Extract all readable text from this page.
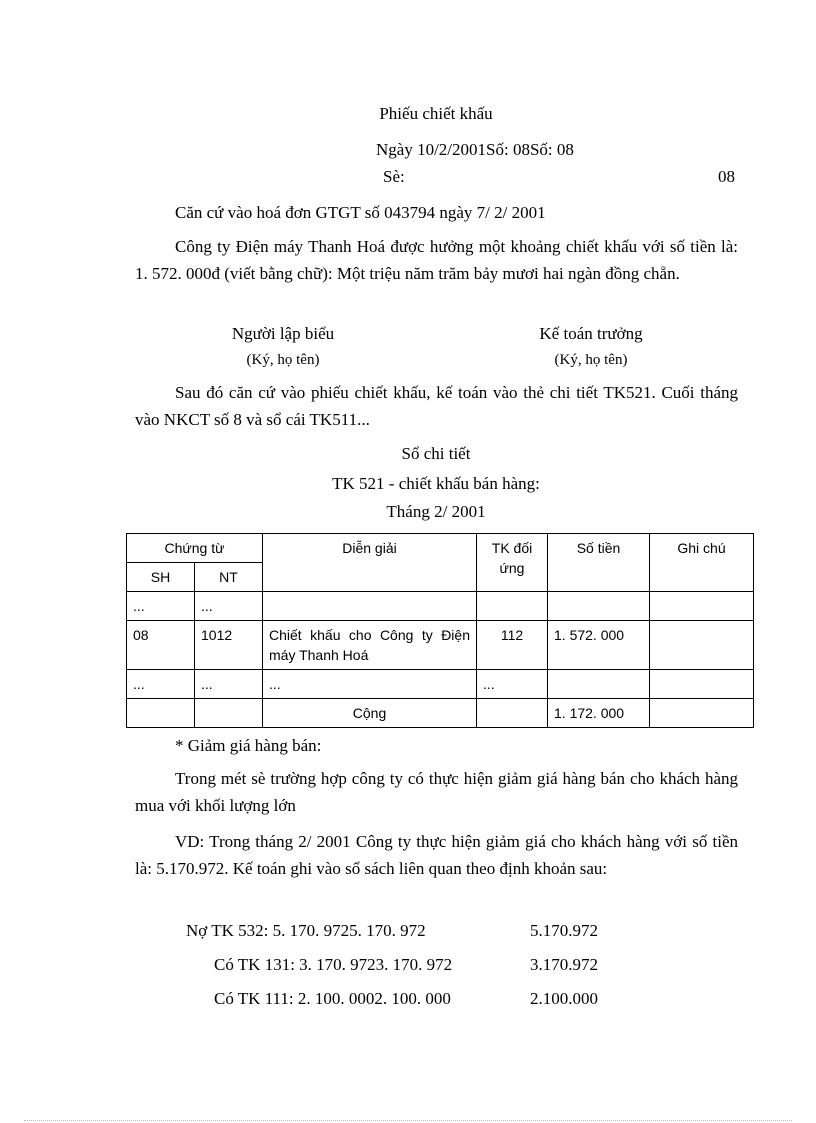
Phiếu chiết khấu
Ngày 10/2/2001Số: 08Số: 08
Sè:	08
Căn cứ vào hoá đơn GTGT số 043794 ngày 7/ 2/ 2001
Công ty Điện máy Thanh Hoá được hưởng một khoảng chiết khấu với số tiền là: 1. 572. 000đ (viết bằng chữ): Một triệu năm trăm bảy mươi hai ngàn đồng chẵn.
Người lập biểu
(Ký, họ tên)
Kế toán trưởng
(Ký, họ tên)
Sau đó căn cứ vào phiếu chiết khấu, kế toán vào thẻ chi tiết TK521. Cuối tháng vào NKCT số 8 và sổ cái TK511...
Sổ chi tiết
TK 521 - chiết khấu bán hàng:
Tháng 2/ 2001
Chứng từ		Diễn giải	TK đối ứng	Số tiền	Ghi chú
SH	NT				
...	...				
08	1012	Chiết khấu cho Công ty Điện máy Thanh Hoá	112	1. 572. 000	
...	...	...	...		
		Cộng		1. 172. 000	
* Giảm giá hàng bán:
Trong mét sè trường hợp công ty có thực hiện giảm giá hàng bán cho khách hàng mua với khối lượng lớn
VD: Trong tháng 2/ 2001 Công ty thực hiện giảm giá cho khách hàng với số tiền là: 5.170.972. Kế toán ghi vào sổ sách liên quan theo định khoản sau:
Nợ TK 532: 5. 170. 9725. 170. 972	5.170.972
Có TK 131: 3. 170. 9723. 170. 972	3.170.972
Có TK 111: 2. 100. 0002. 100. 000	2.100.000
